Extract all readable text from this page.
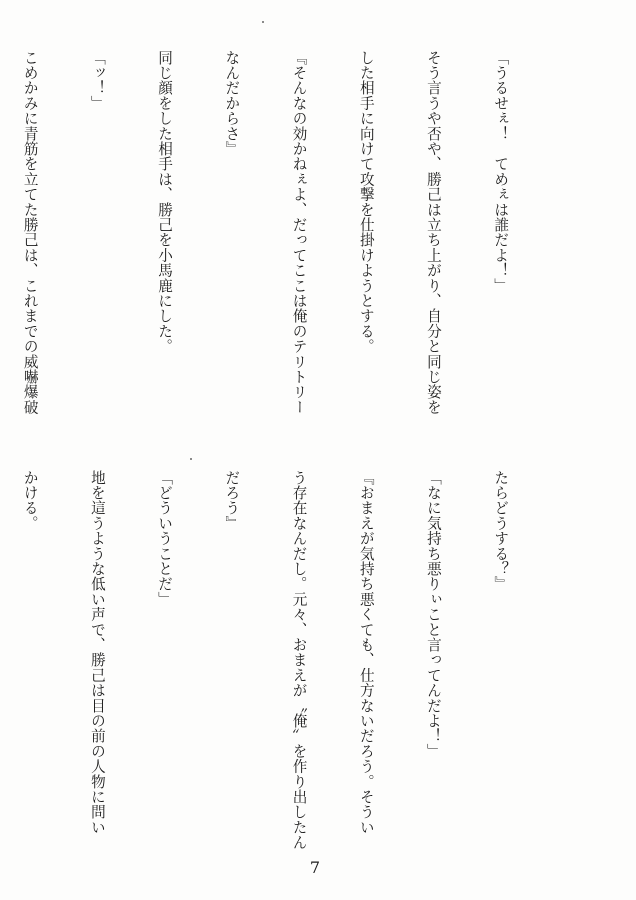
「うるせぇ！　てめぇは誰だよ！」

そう言うや否や、勝己は立ち上がり、自分と同じ姿を

した相手に向けて攻撃を仕掛けようとする。

『そんなの効かねぇよ、だってここは俺のテリトリー

なんだからさ』

同じ顔をした相手は、勝己を小馬鹿にした。

「ッ！」

こめかみに青筋を立てた勝己は、これまでの威嚇爆破

たらどうする？』

「なに気持ち悪りぃこと言ってんだよ！」

『おまえが気持ち悪くても、仕方ないだろう。そうい

う存在なんだし。元々、おまえが〝俺〟を作り出したん

だろう』

「どういうことだ」

地を這うような低い声で、勝己は目の前の人物に問い

かける。

7
